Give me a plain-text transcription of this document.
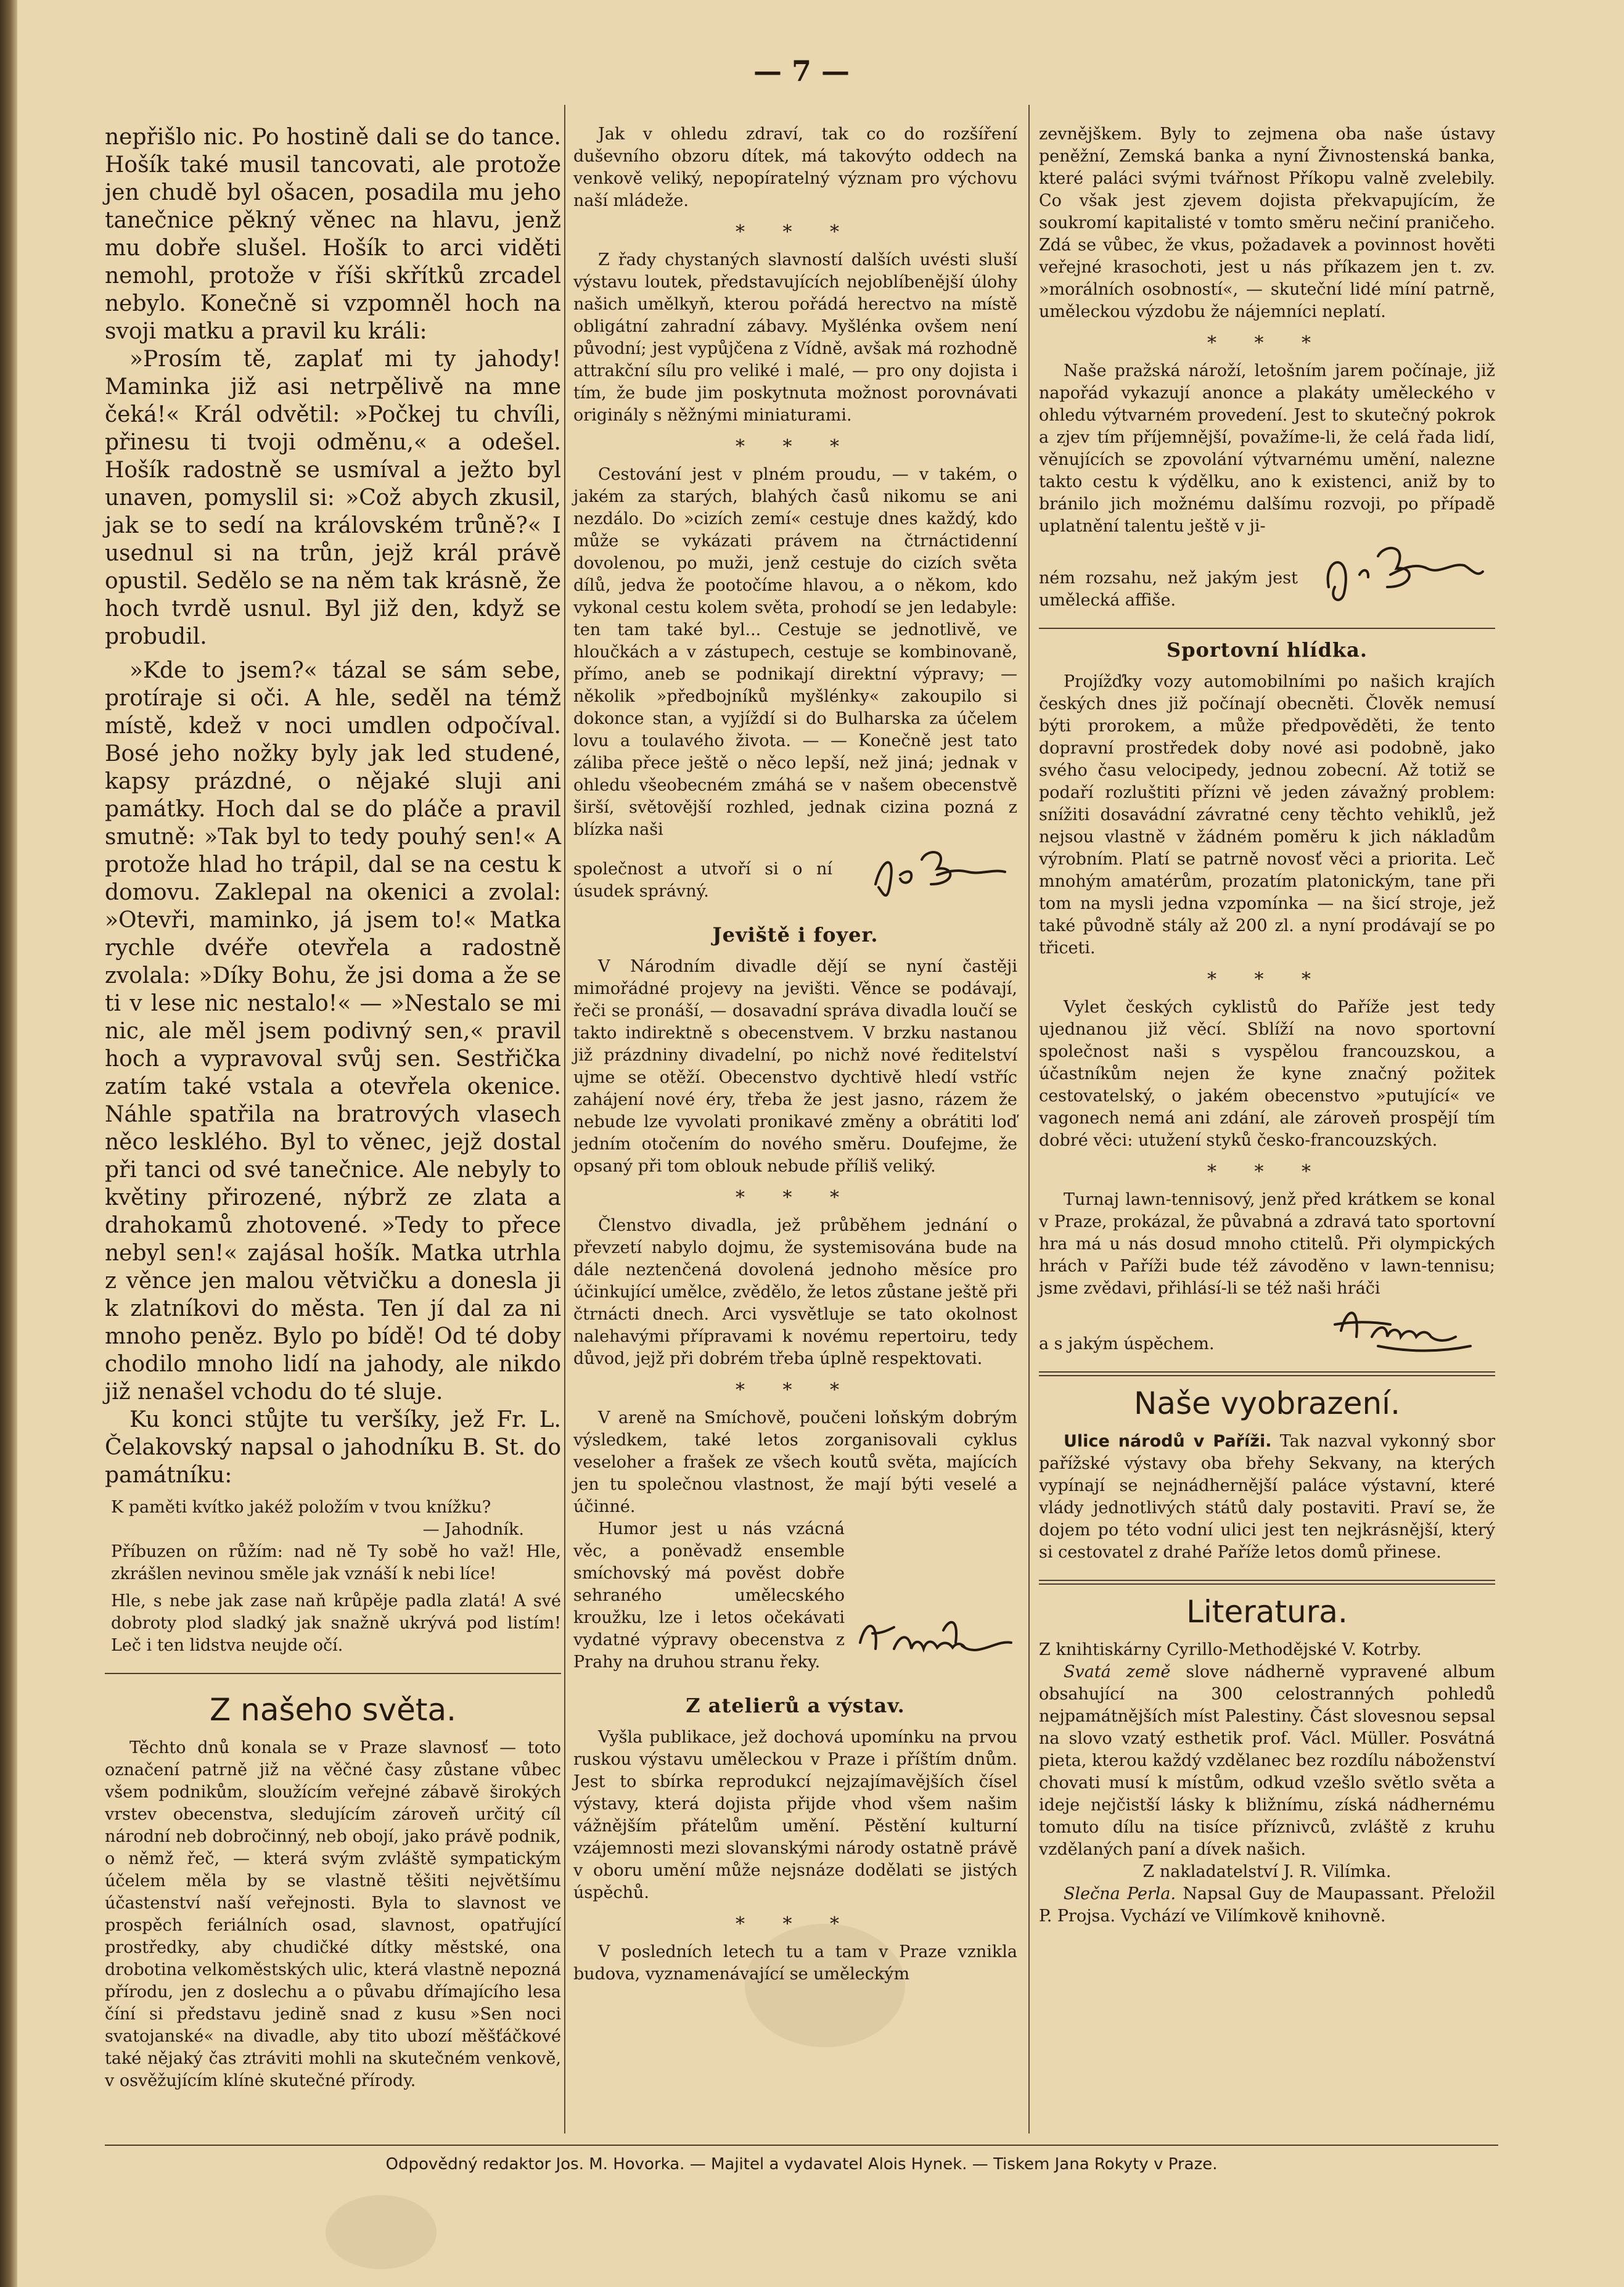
— 7 —

nepřišlo nic. Po hostině dali se do tance. Hošík také musil tancovati, ale protože jen chudě byl ošacen, posadila mu jeho tanečnice pěkný věnec na hlavu, jenž mu dobře slušel. Hošík to arci viděti nemohl, protože v říši skřítků zrcadel nebylo. Konečně si vzpomněl hoch na svoji matku a pravil ku králi:

»Prosím tě, zaplať mi ty jahody! Maminka již asi netrpělivě na mne čeká!« Král odvětil: »Počkej tu chvíli, přinesu ti tvoji odměnu,« a odešel. Hošík radostně se usmíval a ježto byl unaven, pomyslil si: »Což abych zkusil, jak se to sedí na královském trůně?« I usednul si na trůn, jejž král právě opustil. Sedělo se na něm tak krásně, že hoch tvrdě usnul. Byl již den, když se probudil.

»Kde to jsem?« tázal se sám sebe, protíraje si oči. A hle, seděl na témž místě, kdež v noci umdlen odpočíval. Bosé jeho nožky byly jak led studené, kapsy prázdné, o nějaké sluji ani památky. Hoch dal se do pláče a pravil smutně: »Tak byl to tedy pouhý sen!« A protože hlad ho trápil, dal se na cestu k domovu. Zaklepal na okenici a zvolal: »Otevři, maminko, já jsem to!« Matka rychle dvéře otevřela a radostně zvolala: »Díky Bohu, že jsi doma a že se ti v lese nic nestalo!« — »Nestalo se mi nic, ale měl jsem podivný sen,« pravil hoch a vypravoval svůj sen. Sestřička zatím také vstala a otevřela okenice. Náhle spatřila na bratrových vlasech něco lesklého. Byl to věnec, jejž dostal při tanci od své tanečnice. Ale nebyly to květiny přirozené, nýbrž ze zlata a drahokamů zhotovené. »Tedy to přece nebyl sen!« zajásal hošík. Matka utrhla z věnce jen malou větvičku a donesla ji k zlatníkovi do města. Ten jí dal za ni mnoho peněz. Bylo po bídě! Od té doby chodilo mnoho lidí na jahody, ale nikdo již nenašel vchodu do té sluje.

Ku konci stůjte tu veršíky, jež Fr. L. Čelakovský napsal o jahodníku B. St. do památníku:

K paměti kvítko jakéž položím v tvou knížku?

— Jahodník.

Příbuzen on růžím: nad ně Ty sobě ho važ! Hle, zkrášlen nevinou směle jak vznáší k nebi líce!

Hle, s nebe jak zase naň krůpěje padla zlatá! A své dobroty plod sladký jak snažně ukrývá pod listím! Leč i ten lidstva neujde očí.

Z našeho světa.

Těchto dnů konala se v Praze slavnosť — toto označení patrně již na věčné časy zůstane vůbec všem podnikům, sloužícím veřejné zábavě širokých vrstev obecenstva, sledujícím zároveň určitý cíl národní neb dobročinný, neb obojí, jako právě podnik, o němž řeč, — která svým zvláště sympatickým účelem měla by se vlastně těšiti největšímu účastenství naší veřejnosti. Byla to slavnost ve prospěch feriálních osad, slavnost, opatřující prostředky, aby chudičké dítky městské, ona drobotina velkoměstských ulic, která vlastně nepozná přírodu, jen z doslechu a o půvabu dřímajícího lesa číní si představu jedině snad z kusu »Sen noci svatojanské« na divadle, aby tito ubozí měšťáčkové také nějaký čas ztráviti mohli na skutečném venkově, v osvěžujícím klínė skutečné přírody.

Jak v ohledu zdraví, tak co do rozšíření duševního obzoru dítek, má takovýto oddech na venkově veliký, nepopíratelný význam pro výchovu naší mládeže.

* * *

Z řady chystaných slavností dalších uvésti sluší výstavu loutek, představujících nejoblíbenější úlohy našich umělkyň, kterou pořádá herectvo na místě obligátní zahradní zábavy. Myšlénka ovšem není původní; jest vypůjčena z Vídně, avšak má rozhodně attrakční sílu pro veliké i malé, — pro ony dojista i tím, že bude jim poskytnuta možnost porovnávati originály s něžnými miniaturami.

* * *

Cestování jest v plném proudu, — v takém, o jakém za starých, blahých časů nikomu se ani nezdálo. Do »cizích zemí« cestuje dnes každý, kdo může se vykázati právem na čtrnáctidenní dovolenou, po muži, jenž cestuje do cizích světa dílů, jedva že pootočíme hlavou, a o někom, kdo vykonal cestu kolem světa, prohodí se jen ledabyle: ten tam také byl... Cestuje se jednotlivě, ve hloučkách a v zástupech, cestuje se kombinovaně, přímo, aneb se podnikají direktní výpravy; — několik »předbojníků myšlénky« zakoupilo si dokonce stan, a vyjíždí si do Bulharska za účelem lovu a toulavého života. — — Konečně jest tato záliba přece ještě o něco lepší, než jiná; jednak v ohledu všeobecném zmáhá se v našem obecenstvě širší, světovější rozhled, jednak cizina pozná z blízka naši

společnost a utvoří si o ní úsudek správný.

Jeviště i foyer.

V Národním divadle dějí se nyní častěji mimořádné projevy na jevišti. Věnce se podávají, řeči se pronáší, — dosavadní správa divadla loučí se takto indirektně s obecenstvem. V brzku nastanou již prázdniny divadelní, po nichž nové ředitelství ujme se otěží. Obecenstvo dychtivě hledí vstříc zahájení nové éry, třeba že jest jasno, rázem že nebude lze vyvolati pronikavé změny a obrátiti loď jedním otočením do nového směru. Doufejme, že opsaný při tom oblouk nebude příliš veliký.

* * *

Členstvo divadla, jež průběhem jednání o převzetí nabylo dojmu, že systemisována bude na dále neztenčená dovolená jednoho měsíce pro účinkující umělce, zvědělo, že letos zůstane ještě při čtrnácti dnech. Arci vysvětluje se tato okolnost nalehavými přípravami k novému repertoiru, tedy důvod, jejž při dobrém třeba úplně respektovati.

* * *

V areně na Smíchově, poučeni loňským dobrým výsledkem, také letos zorganisovali cyklus veseloher a frašek ze všech koutů světa, majících jen tu společnou vlastnost, že mají býti veselé a účinné.

Humor jest u nás vzácná věc, a poněvadž ensemble smíchovský má pověst dobře sehraného umělecského kroužku, lze i letos očekávati vydatné výpravy obecenstva z Prahy na druhou stranu řeky.

Z atelierů a výstav.

Vyšla publikace, jež dochová upomínku na prvou ruskou výstavu uměleckou v Praze i příštím dnům. Jest to sbírka reprodukcí nejzajímavějších čísel výstavy, která dojista přijde vhod všem našim vážnějším přátelům umění. Pěstění kulturní vzájemnosti mezi slovanskými národy ostatně právě v oboru umění může nejsnáze dodělati se jistých úspěchů.

* * *

V posledních letech tu a tam v Praze vznikla budova, vyznamenávající se uměleckým

zevnějškem. Byly to zejmena oba naše ústavy peněžní, Zemská banka a nyní Živnostenská banka, které paláci svými tvářnost Příkopu valně zvelebily. Co však jest zjevem dojista překvapujícím, že soukromí kapitalisté v tomto směru nečiní praničeho. Zdá se vůbec, že vkus, požadavek a povinnost hověti veřejné krasochoti, jest u nás příkazem jen t. zv. »morálních osobností«, — skuteční lidé míní patrně, uměleckou výzdobu že nájemníci neplatí.

* * *

Naše pražská nároží, letošním jarem počínaje, již napořád vykazují anonce a plakáty uměleckého v ohledu výtvarném provedení. Jest to skutečný pokrok a zjev tím příjemnější, považíme-li, že celá řada lidí, věnujících se zpovolání výtvarnému umění, nalezne takto cestu k výdělku, ano k existenci, aniž by to bránilo jich možnému dalšímu rozvoji, po případě uplatnění talentu ještě v ji-

ném rozsahu, než jakým jest umělecká affiše.

Sportovní hlídka.

Projížďky vozy automobilními po našich krajích českých dnes již počínají obecněti. Člověk nemusí býti prorokem, a může předpověděti, že tento dopravní prostředek doby nové asi podobně, jako svého času velocipedy, jednou zobecní. Až totiž se podaří rozluštiti přízni vě jeden závažný problem: snížiti dosavádní závratné ceny těchto vehiklů, jež nejsou vlastně v žádném poměru k jich nákladům výrobním. Platí se patrně novosť věci a priorita. Leč mnohým amatérům, prozatím platonickým, tane při tom na mysli jedna vzpomínka — na šicí stroje, jež také původně stály až 200 zl. a nyní prodávají se po třiceti.

* * *

Vylet českých cyklistů do Paříže jest tedy ujednanou již věcí. Sblíží na novo sportovní společnost naši s vyspělou francouzskou, a účastníkům nejen že kyne značný požitek cestovatelský, o jakém obecenstvo »putující« ve vagonech nemá ani zdání, ale zároveň prospějí tím dobré věci: utužení styků česko-francouzských.

* * *

Turnaj lawn-tennisový, jenž před krátkem se konal v Praze, prokázal, že půvabná a zdravá tato sportovní hra má u nás dosud mnoho ctitelů. Při olympických hrách v Paříži bude též závoděno v lawn-tennisu; jsme zvědavi, přihlásí-li se též naši hráči

a s jakým úspěchem.

Naše vyobrazení.

Ulice národů v Paříži. Tak nazval vykonný sbor pařížské výstavy oba břehy Sekvany, na kterých vypínají se nejnádhernější paláce výstavní, které vlády jednotlivých států daly postaviti. Praví se, že dojem po této vodní ulici jest ten nejkrásnější, který si cestovatel z drahé Paříže letos domů přinese.

Literatura.

Z knihtiskárny Cyrillo-Methodějské V. Kotrby.

Svatá země slove nádherně vypravené album obsahující na 300 celostranných pohledů nejpamátnějších míst Palestiny. Část slovesnou sepsal na slovo vzatý esthetik prof. Václ. Müller. Posvátná pieta, kterou každý vzdělanec bez rozdílu náboženství chovati musí k místům, odkud vzešlo světlo světa a ideje nejčistší lásky k bližnímu, získá nádhernému tomuto dílu na tisíce příznivců, zvláště z kruhu vzdělaných paní a dívek našich.

Z nakladatelství J. R. Vilímka.

Slečna Perla. Napsal Guy de Maupassant. Přeložil P. Projsa. Vychází ve Vilímkově knihovně.

Odpovědný redaktor Jos. M. Hovorka. — Majitel a vydavatel Alois Hynek. — Tiskem Jana Rokyty v Praze.
